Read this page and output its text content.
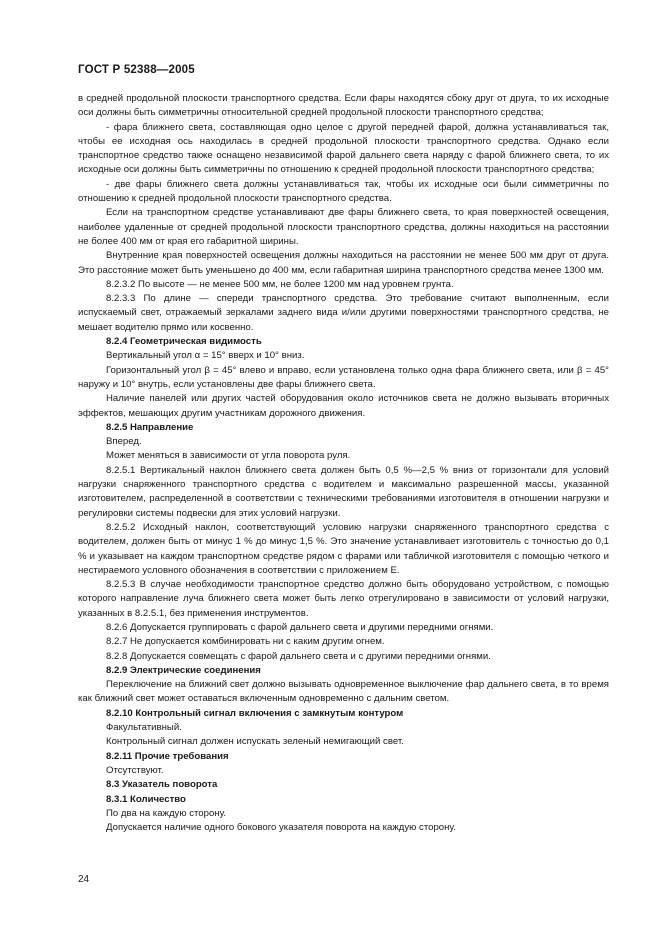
ГОСТ Р 52388—2005

в средней продольной плоскости транспортного средства. Если фары находятся сбоку друг от друга, то их исходные оси должны быть симметричны относительной средней продольной плоскости транспортного средства;

- фара ближнего света, составляющая одно целое с другой передней фарой, должна устанавливаться так, чтобы ее исходная ось находилась в средней продольной плоскости транспортного средства. Однако если транспортное средство также оснащено независимой фарой дальнего света наряду с фарой ближнего света, то их исходные оси должны быть симметричны по отношению к средней продольной плоскости транспортного средства;

- две фары ближнего света должны устанавливаться так, чтобы их исходные оси были симметричны по отношению к средней продольной плоскости транспортного средства.

Если на транспортном средстве устанавливают две фары ближнего света, то края поверхностей освещения, наиболее удаленные от средней продольной плоскости транспортного средства, должны находиться на расстоянии не более 400 мм от края его габаритной ширины.

Внутренние края поверхностей освещения должны находиться на расстоянии не менее 500 мм друг от друга. Это расстояние может быть уменьшено до 400 мм, если габаритная ширина транспортного средства менее 1300 мм.

8.2.3.2 По высоте — не менее 500 мм, не более 1200 мм над уровнем грунта.

8.2.3.3 По длине — спереди транспортного средства. Это требование считают выполненным, если испускаемый свет, отражаемый зеркалами заднего вида и/или другими поверхностями транспортного средства, не мешает водителю прямо или косвенно.

8.2.4 Геометрическая видимость

Вертикальный угол α = 15° вверх и 10° вниз.

Горизонтальный угол β = 45° влево и вправо, если установлена только одна фара ближнего света, или β = 45° наружу и 10° внутрь, если установлены две фары ближнего света.

Наличие панелей или других частей оборудования около источников света не должно вызывать вторичных эффектов, мешающих другим участникам дорожного движения.

8.2.5 Направление

Вперед.

Может меняться в зависимости от угла поворота руля.

8.2.5.1 Вертикальный наклон ближнего света должен быть 0,5 %—2,5 % вниз от горизонтали для условий нагрузки снаряженного транспортного средства с водителем и максимально разрешенной массы, указанной изготовителем, распределенной в соответствии с техническими требованиями изготовителя в отношении нагрузки и регулировки системы подвески для этих условий нагрузки.

8.2.5.2 Исходный наклон, соответствующий условию нагрузки снаряженного транспортного средства с водителем, должен быть от минус 1 % до минус 1,5 %. Это значение устанавливает изготовитель с точностью до 0,1 % и указывает на каждом транспортном средстве рядом с фарами или табличкой изготовителя с помощью четкого и нестираемого условного обозначения в соответствии с приложением Е.

8.2.5.3 В случае необходимости транспортное средство должно быть оборудовано устройством, с помощью которого направление луча ближнего света может быть легко отрегулировано в зависимости от условий нагрузки, указанных в 8.2.5.1, без применения инструментов.

8.2.6 Допускается группировать с фарой дальнего света и другими передними огнями.

8.2.7 Не допускается комбинировать ни с каким другим огнем.

8.2.8 Допускается совмещать с фарой дальнего света и с другими передними огнями.

8.2.9 Электрические соединения

Переключение на ближний свет должно вызывать одновременное выключение фар дальнего света, в то время как ближний свет может оставаться включенным одновременно с дальним светом.

8.2.10 Контрольный сигнал включения с замкнутым контуром

Факультативный.

Контрольный сигнал должен испускать зеленый немигающий свет.

8.2.11 Прочие требования

Отсутствуют.

8.3 Указатель поворота

8.3.1 Количество

По два на каждую сторону.

Допускается наличие одного бокового указателя поворота на каждую сторону.

24
